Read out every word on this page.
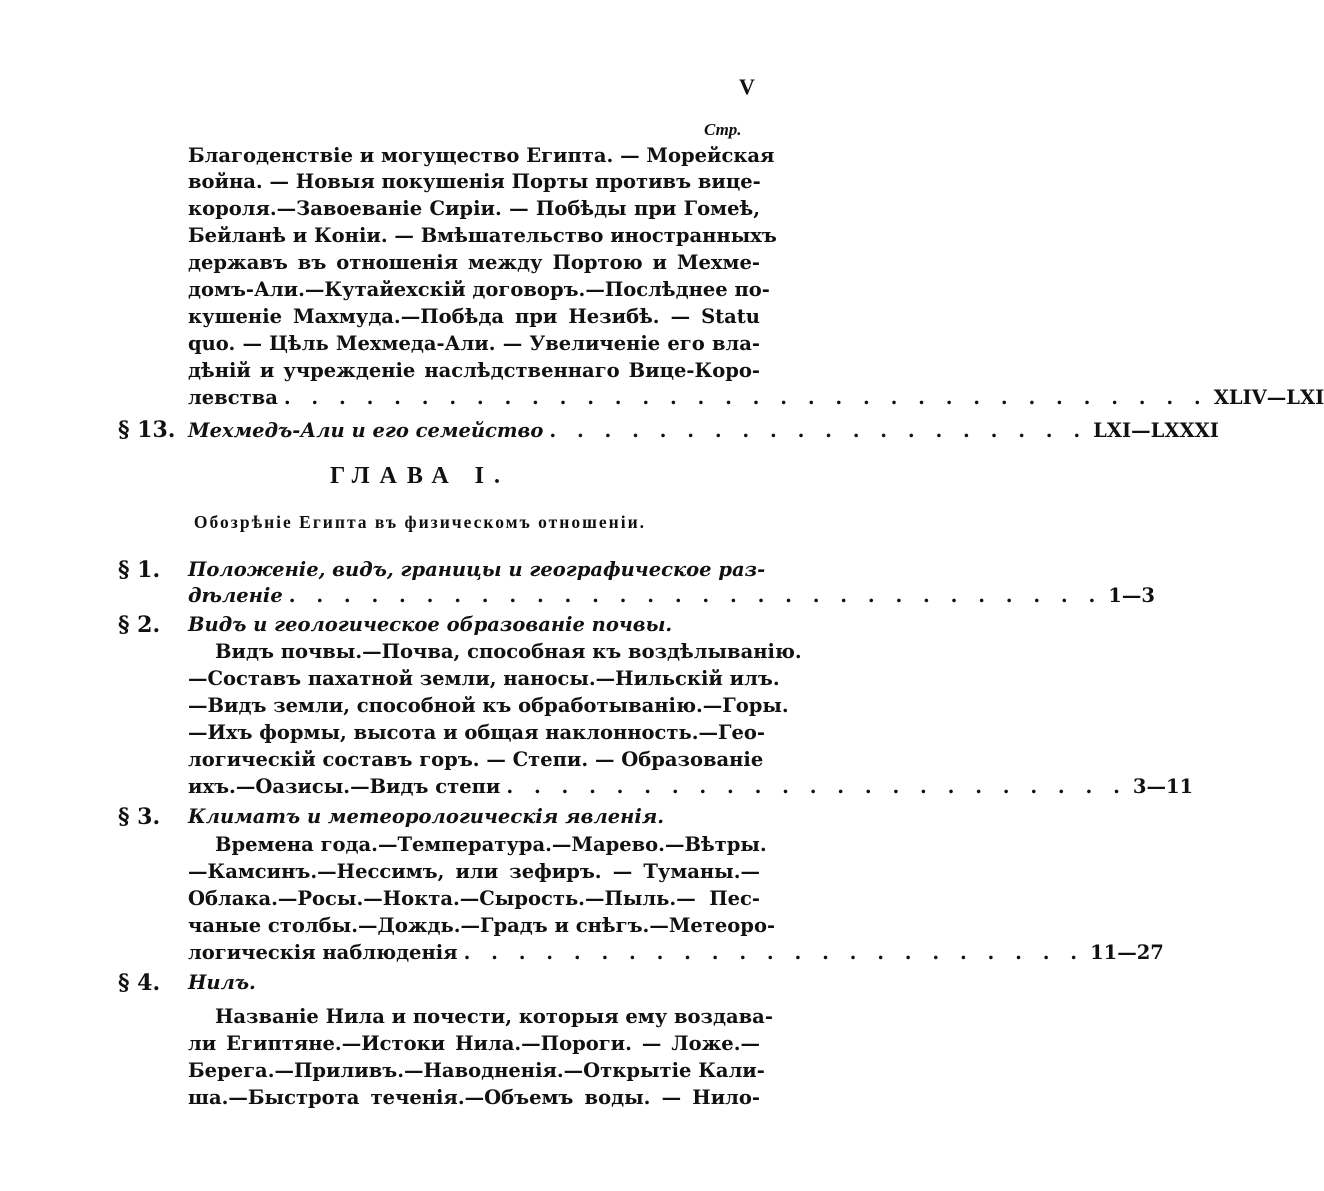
V
Стр.
Благоденствіе и могущество Египта. — Морейская
война. — Новыя покушенія Порты противъ вице-
короля.—Завоеваніе Сиріи. — Побѣды при Гомеѣ,
Бейланѣ и Коніи. — Вмѣшательство иностранныхъ
державъ въ отношенія между Портою и Мехме-
домъ-Али.—Кутайехскій договоръ.—Послѣднее по-
кушеніе Махмуда.—Побѣда при Незибѣ. — Statu
quo. — Цѣль Мехмеда-Али. — Увеличеніе его вла-
дѣній и учрежденіе наслѣдственнаго Вице-Коро-
левства . . . . . . . . . . . . . . . . . . . . . . . . . . . . . . . . . . XLIV—LXI
§ 13. Мехмедъ-Али и его семейство . . . . . . . . . . . . . . . . . . . . LXI—LXXXI
ГЛАВА I.
Обозрѣніе Египта въ физическомъ отношеніи.
§ 1. Положеніе, видъ, границы и географическое раз-
дѣленіе . . . . . . . . . . . . . . . . . . . . . . . . . . . . . . 1—3
§ 2. Видъ и геологическое образованіе почвы.
Видъ почвы.—Почва, способная къ воздѣлыванію.
—Составъ пахатной земли, наносы.—Нильскій илъ.
—Видъ земли, способной къ обработыванію.—Горы.
—Ихъ формы, высота и общая наклонность.—Гео-
логическій составъ горъ. — Степи. — Образованіе
ихъ.—Оазисы.—Видъ степи . . . . . . . . . . . . . . . . . . . . . . . 3—11
§ 3. Климатъ и метеорологическія явленія.
Времена года.—Температура.—Марево.—Вѣтры.
—Камсинъ.—Нессимъ, или зефиръ. — Туманы.—
Облака.—Росы.—Нокта.—Сырость.—Пыль.— Пес-
чаные столбы.—Дождь.—Градъ и снѣгъ.—Метеоро-
логическія наблюденія . . . . . . . . . . . . . . . . . . . . . . . 11—27
§ 4. Нилъ.
Названіе Нила и почести, которыя ему воздава-
ли Египтяне.—Истоки Нила.—Пороги. — Ложе.—
Берега.—Приливъ.—Наводненія.—Открытіе Кали-
ша.—Быстрота теченія.—Объемъ воды. — Нило-
